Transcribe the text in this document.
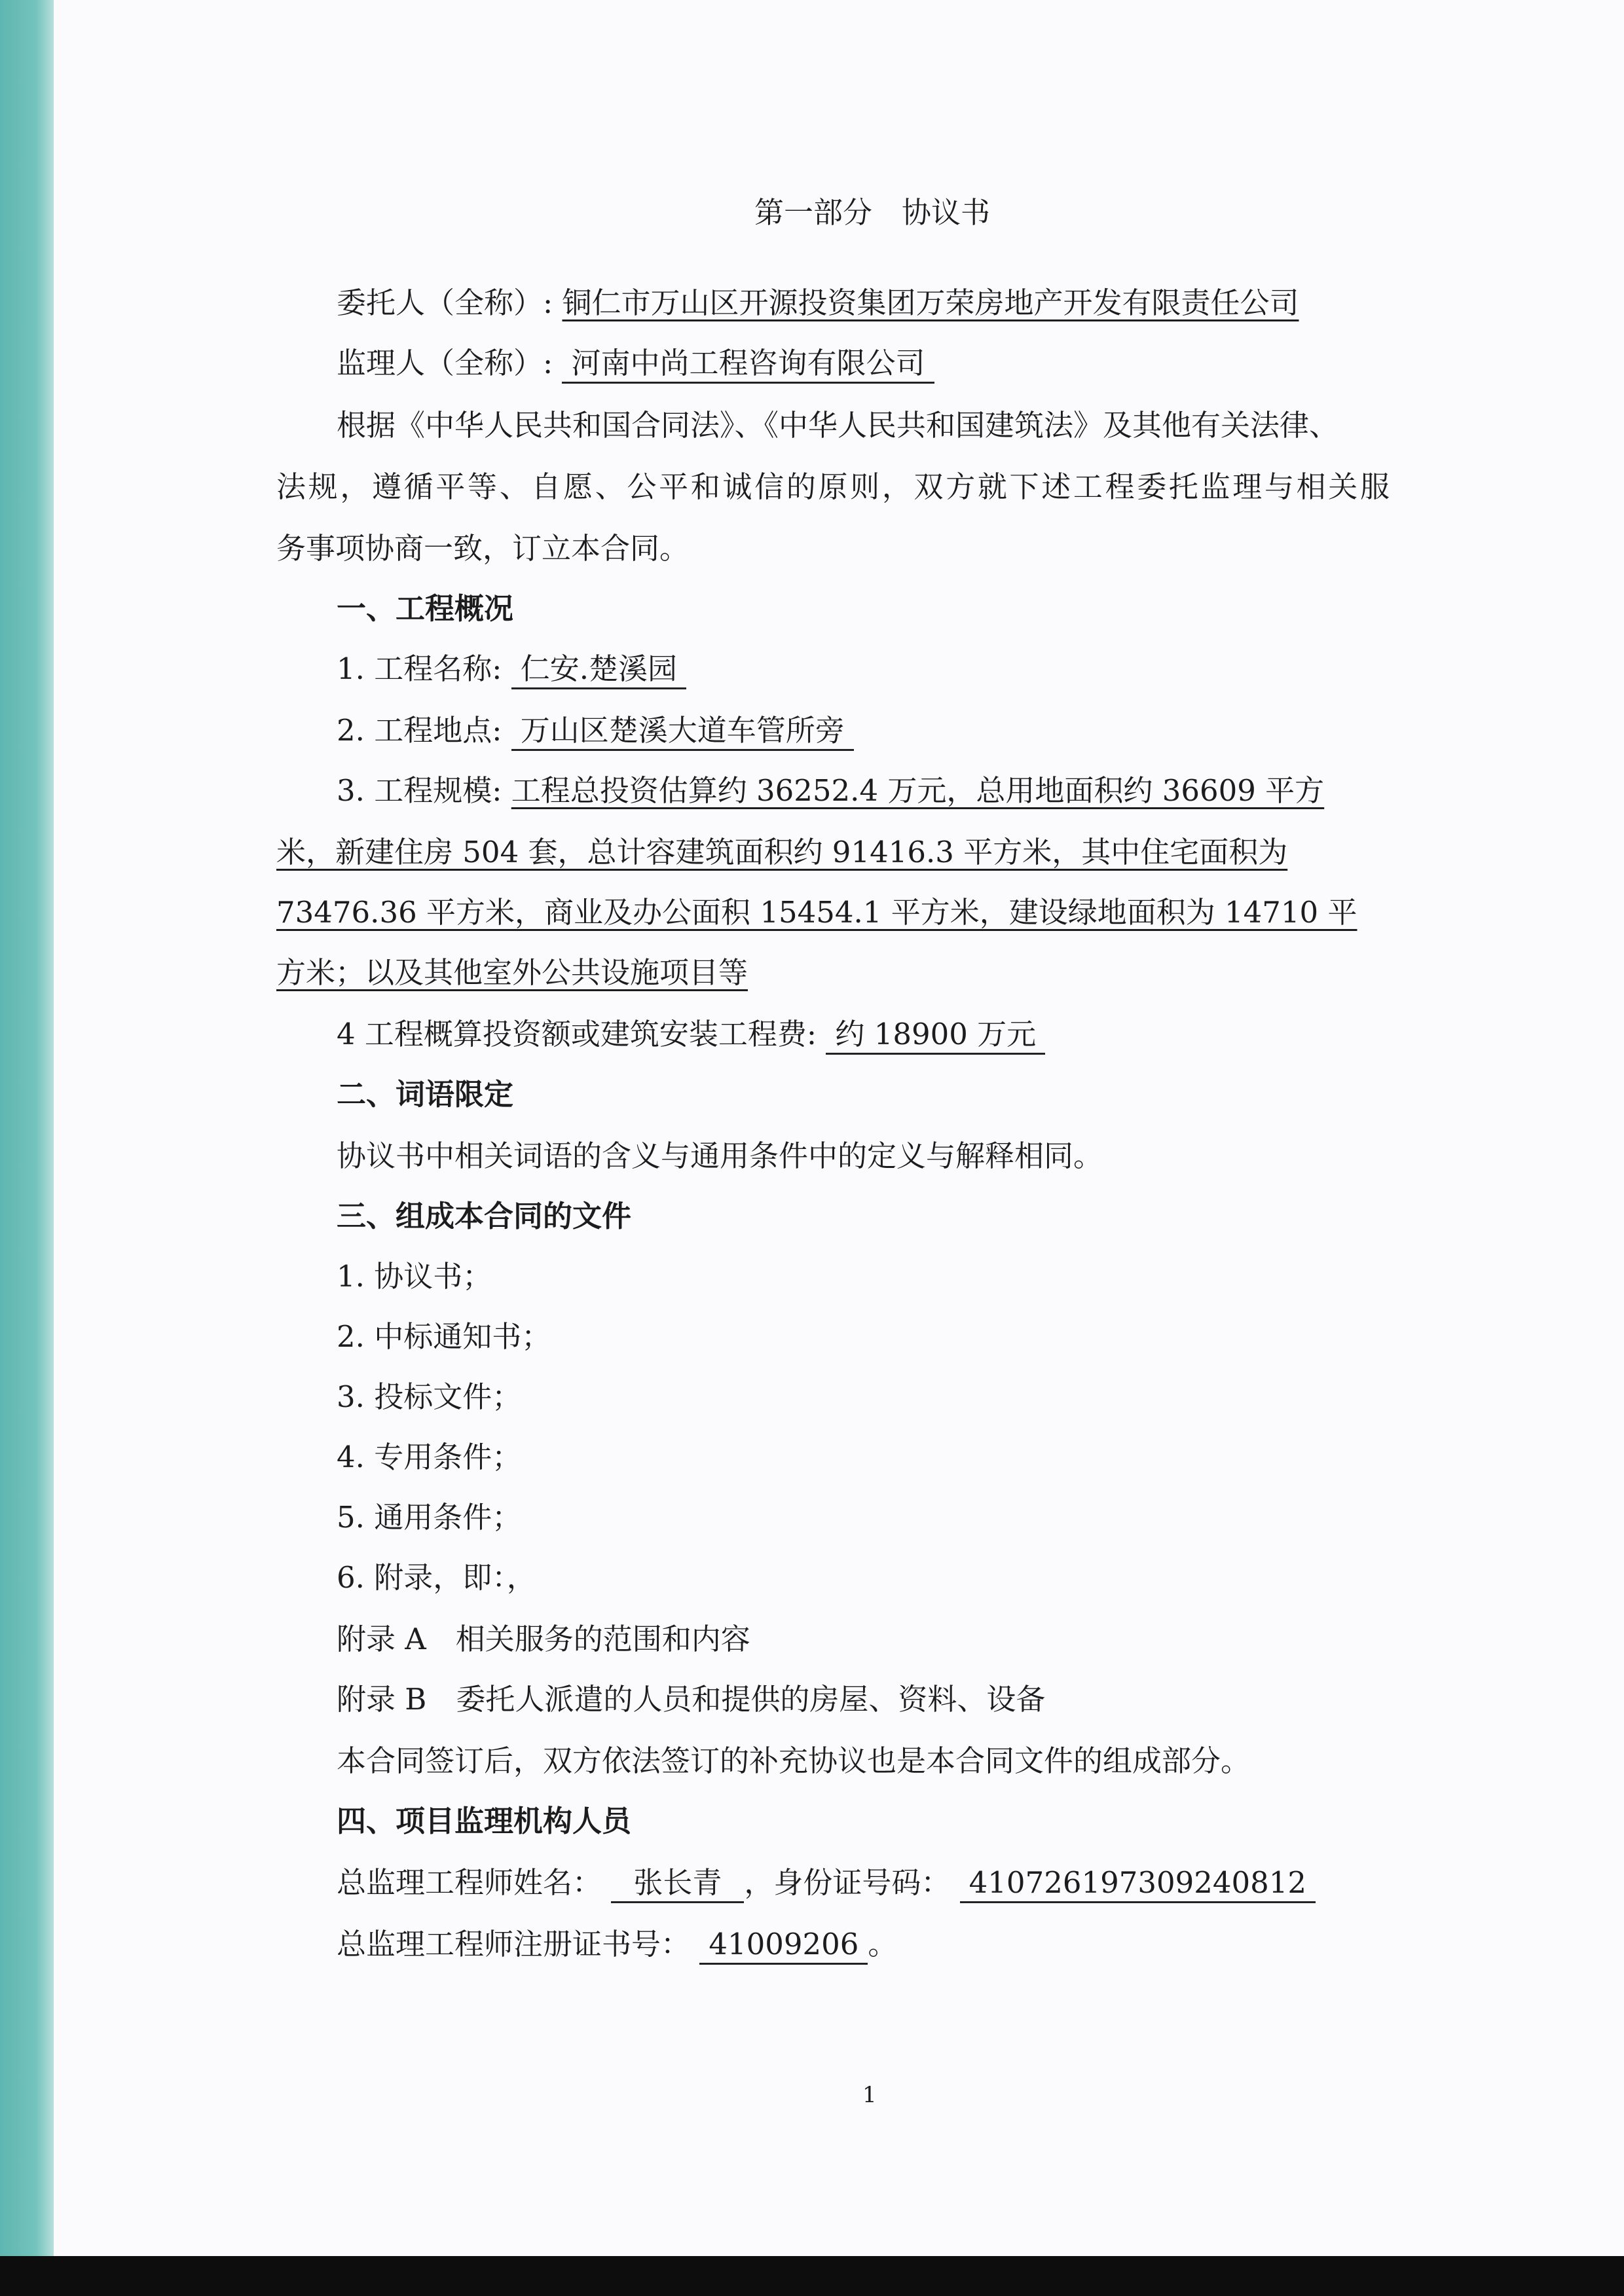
第一部分　协议书
委托人（全称）: 铜仁市万山区开源投资集团万荣房地产开发有限责任公司
监理人（全称）: 河南中尚工程咨询有限公司
根据《中华人民共和国合同法》、《中华人民共和国建筑法》及其他有关法律、
法规，遵循平等、自愿、公平和诚信的原则，双方就下述工程委托监理与相关服
务事项协商一致，订立本合同。
一、工程概况
1. 工程名称: 仁安.楚溪园
2. 工程地点: 万山区楚溪大道车管所旁
3. 工程规模: 工程总投资估算约 36252.4 万元，总用地面积约 36609 平方
米，新建住房 504 套，总计容建筑面积约 91416.3 平方米，其中住宅面积为
73476.36 平方米，商业及办公面积 15454.1 平方米，建设绿地面积为 14710 平
方米；以及其他室外公共设施项目等
4 工程概算投资额或建筑安装工程费: 约 18900 万元
二、词语限定
协议书中相关词语的含义与通用条件中的定义与解释相同。
三、组成本合同的文件
1. 协议书；
2. 中标通知书；
3. 投标文件；
4. 专用条件；
5. 通用条件；
6. 附录，即：，
附录 A　相关服务的范围和内容
附录 B　委托人派遣的人员和提供的房屋、资料、设备
本合同签订后，双方依法签订的补充协议也是本合同文件的组成部分。
四、项目监理机构人员
总监理工程师姓名： 张长青 ，身份证号码： 410726197309240812
总监理工程师注册证书号： 41009206 。
1
